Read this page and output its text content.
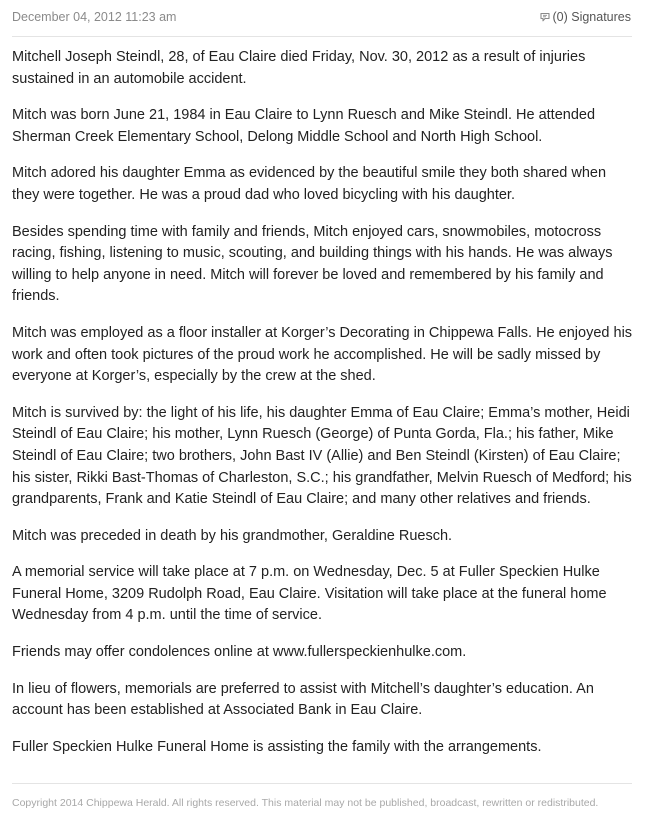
December 04, 2012 11:23 am	(0) Signatures

Mitchell Joseph Steindl, 28, of Eau Claire died Friday, Nov. 30, 2012 as a result of injuries sustained in an automobile accident.

Mitch was born June 21, 1984 in Eau Claire to Lynn Ruesch and Mike Steindl. He attended Sherman Creek Elementary School, Delong Middle School and North High School.

Mitch adored his daughter Emma as evidenced by the beautiful smile they both shared when they were together. He was a proud dad who loved bicycling with his daughter.

Besides spending time with family and friends, Mitch enjoyed cars, snowmobiles, motocross racing, fishing, listening to music, scouting, and building things with his hands. He was always willing to help anyone in need. Mitch will forever be loved and remembered by his family and friends.

Mitch was employed as a floor installer at Korger’s Decorating in Chippewa Falls. He enjoyed his work and often took pictures of the proud work he accomplished. He will be sadly missed by everyone at Korger’s, especially by the crew at the shed.

Mitch is survived by: the light of his life, his daughter Emma of Eau Claire; Emma’s mother, Heidi Steindl of Eau Claire; his mother, Lynn Ruesch (George) of Punta Gorda, Fla.; his father, Mike Steindl of Eau Claire; two brothers, John Bast IV (Allie) and Ben Steindl (Kirsten) of Eau Claire; his sister, Rikki Bast-Thomas of Charleston, S.C.; his grandfather, Melvin Ruesch of Medford; his grandparents, Frank and Katie Steindl of Eau Claire; and many other relatives and friends.

Mitch was preceded in death by his grandmother, Geraldine Ruesch.

A memorial service will take place at 7 p.m. on Wednesday, Dec. 5 at Fuller Speckien Hulke Funeral Home, 3209 Rudolph Road, Eau Claire. Visitation will take place at the funeral home Wednesday from 4 p.m. until the time of service.

Friends may offer condolences online at www.fullerspeckienhulke.com.

In lieu of flowers, memorials are preferred to assist with Mitchell’s daughter’s education. An account has been established at Associated Bank in Eau Claire.

Fuller Speckien Hulke Funeral Home is assisting the family with the arrangements.

Copyright 2014 Chippewa Herald. All rights reserved. This material may not be published, broadcast, rewritten or redistributed.
